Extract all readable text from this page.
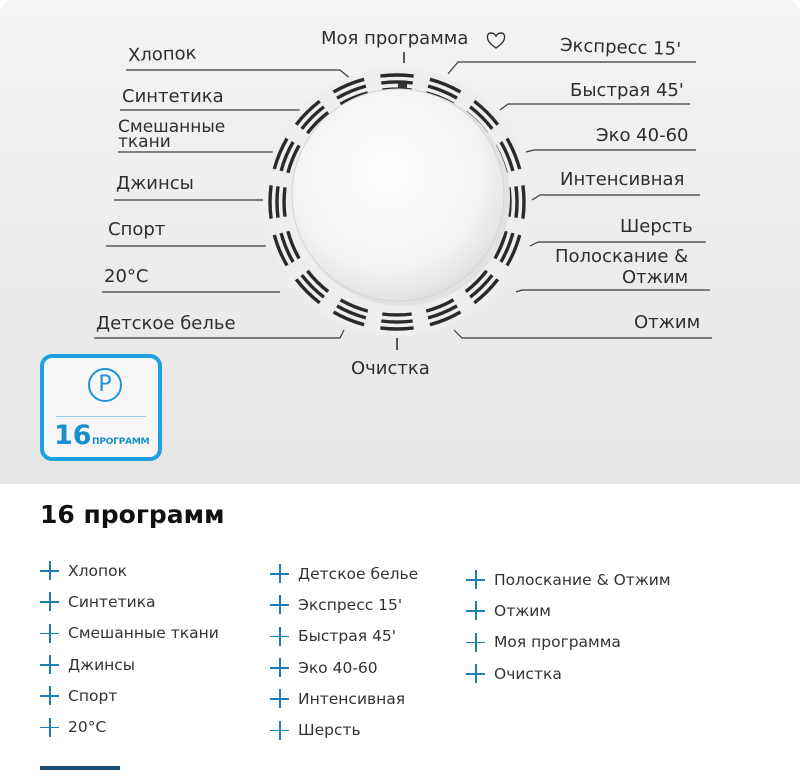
Моя программа
Очистка
Хлопок
Синтетика
Смешанные
ткани
Джинсы
Спорт
20°C
Детское белье
Экспресс 15'
Быстрая 45'
Эко 40-60
Интенсивная
Шерсть
Полоскание &
Отжим
Отжим
P
16 ПРОГРАММ
16 программ
Хлопок
Синтетика
Смешанные ткани
Джинсы
Спорт
20°C
Детское белье
Экспресс 15'
Быстрая 45'
Эко 40-60
Интенсивная
Шерсть
Полоскание & Отжим
Отжим
Моя программа
Очистка
